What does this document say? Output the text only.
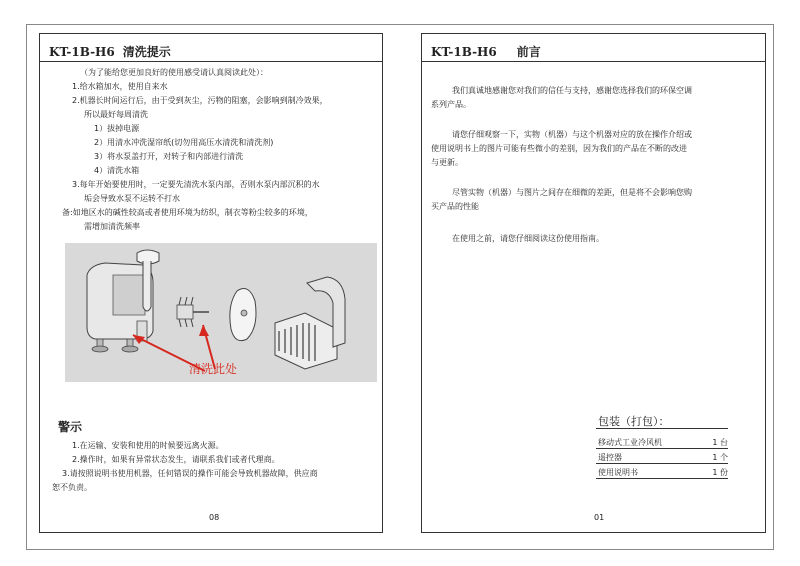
KT-1B-H6 清洗提示
（为了能给您更加良好的使用感受请认真阅读此处）：
1.给水箱加水，使用自来水
2.机器长时间运行后，由于受到灰尘，污物的阻塞，会影响到制冷效果，
所以最好每周清洗
1）拔掉电源
2）用清水冲洗湿帘纸(切勿用高压水清洗和清洗剂)
3）将水泵盖打开，对转子和内部进行清洗
4）清洗水箱
3.每年开始要使用时，一定要先清洗水泵内部，否则水泵内部沉积的水
垢会导致水泵不运转不打水
备:如地区水的碱性较高或者使用环境为纺织，制衣等粉尘较多的环境，
需增加清洗频率
清洗此处
警示
1.在运输、安装和使用的时候要远离火源。
2.操作时，如果有异常状态发生，请联系我们或者代理商。
3.请按照说明书使用机器，任何错误的操作可能会导致机器故障，供应商
恕不负责。
08
KT-1B-H6 前言
我们真诚地感谢您对我们的信任与支持，感谢您选择我们的环保空调
系列产品。
请您仔细观察一下，实物（机器）与这个机器对应的放在操作介绍或
使用说明书上的图片可能有些微小的差别，因为我们的产品在不断的改进
与更新。
尽管实物（机器）与图片之间存在细微的差距，但是将不会影响您购
买产品的性能
在使用之前，请您仔细阅读这份使用指南。
包装（打包）：
移动式工业冷风机	1 台
遥控器	1 个
使用说明书	1 份
01
